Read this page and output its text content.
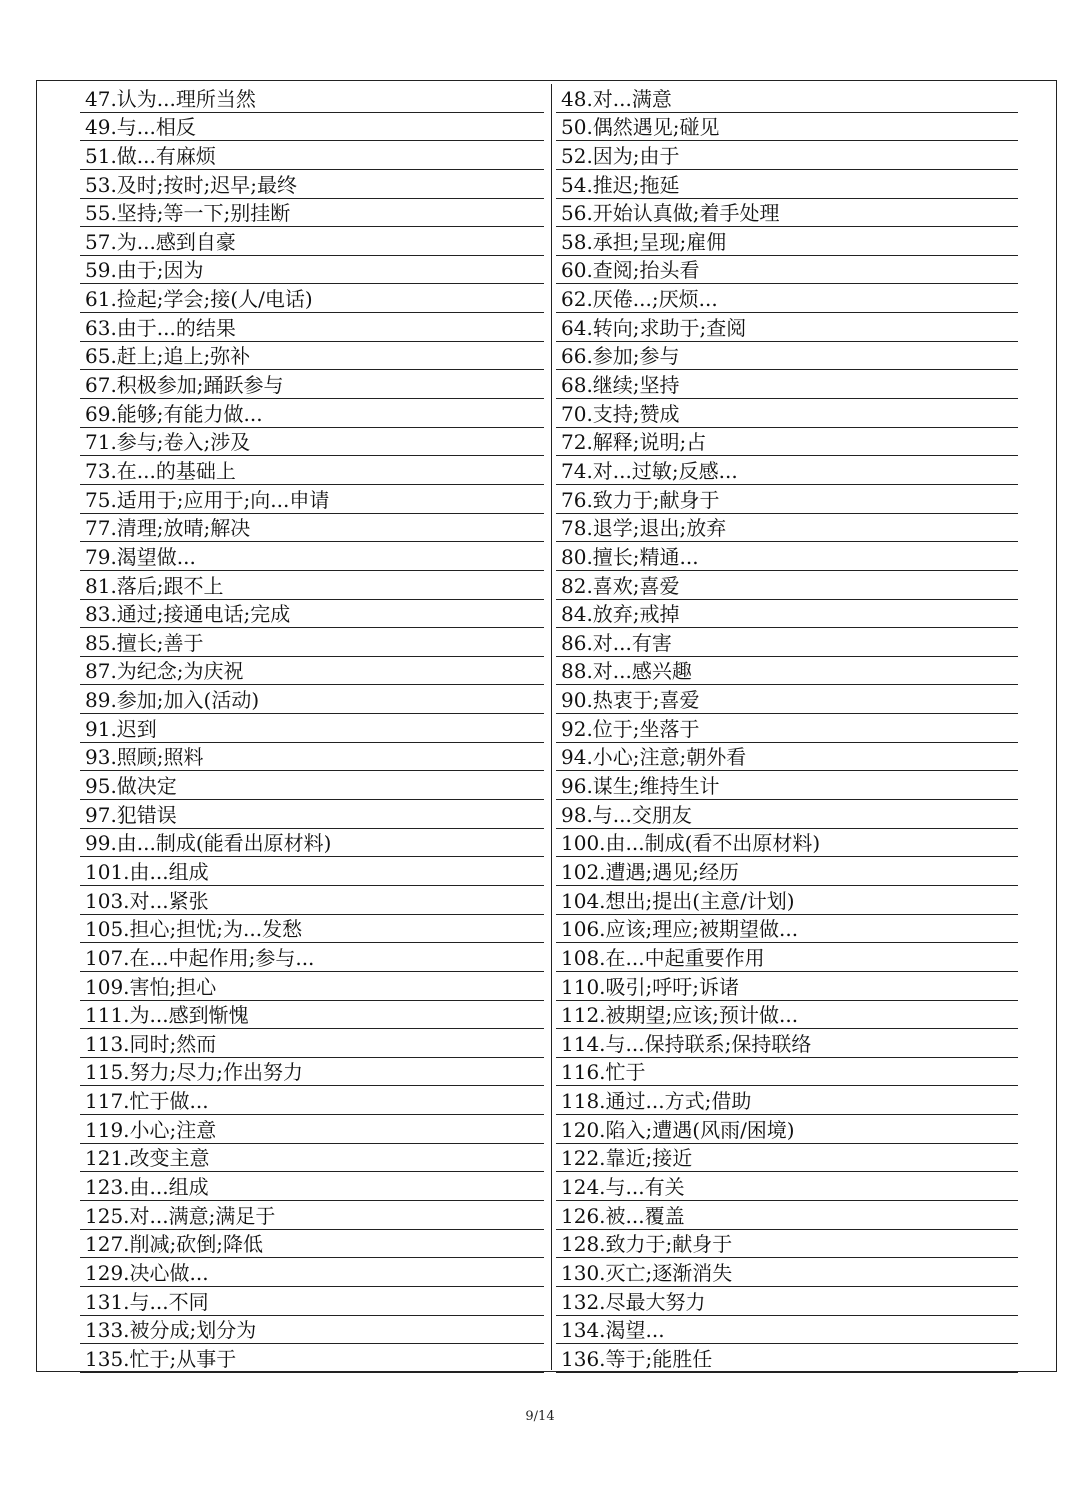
47.认为...理所当然
49.与...相反
51.做...有麻烦
53.及时;按时;迟早;最终
55.坚持;等一下;别挂断
57.为...感到自豪
59.由于;因为
61.捡起;学会;接(人/电话)
63.由于...的结果
65.赶上;追上;弥补
67.积极参加;踊跃参与
69.能够;有能力做...
71.参与;卷入;涉及
73.在...的基础上
75.适用于;应用于;向...申请
77.清理;放晴;解决
79.渴望做...
81.落后;跟不上
83.通过;接通电话;完成
85.擅长;善于
87.为纪念;为庆祝
89.参加;加入(活动)
91.迟到
93.照顾;照料
95.做决定
97.犯错误
99.由...制成(能看出原材料)
101.由...组成
103.对...紧张
105.担心;担忧;为...发愁
107.在...中起作用;参与...
109.害怕;担心
111.为...感到惭愧
113.同时;然而
115.努力;尽力;作出努力
117.忙于做...
119.小心;注意
121.改变主意
123.由...组成
125.对...满意;满足于
127.削减;砍倒;降低
129.决心做...
131.与...不同
133.被分成;划分为
135.忙于;从事于
48.对...满意
50.偶然遇见;碰见
52.因为;由于
54.推迟;拖延
56.开始认真做;着手处理
58.承担;呈现;雇佣
60.查阅;抬头看
62.厌倦...;厌烦...
64.转向;求助于;查阅
66.参加;参与
68.继续;坚持
70.支持;赞成
72.解释;说明;占
74.对...过敏;反感...
76.致力于;献身于
78.退学;退出;放弃
80.擅长;精通...
82.喜欢;喜爱
84.放弃;戒掉
86.对...有害
88.对...感兴趣
90.热衷于;喜爱
92.位于;坐落于
94.小心;注意;朝外看
96.谋生;维持生计
98.与...交朋友
100.由...制成(看不出原材料)
102.遭遇;遇见;经历
104.想出;提出(主意/计划)
106.应该;理应;被期望做...
108.在...中起重要作用
110.吸引;呼吁;诉诸
112.被期望;应该;预计做...
114.与...保持联系;保持联络
116.忙于
118.通过...方式;借助
120.陷入;遭遇(风雨/困境)
122.靠近;接近
124.与...有关
126.被...覆盖
128.致力于;献身于
130.灭亡;逐渐消失
132.尽最大努力
134.渴望...
136.等于;能胜任
9/14
